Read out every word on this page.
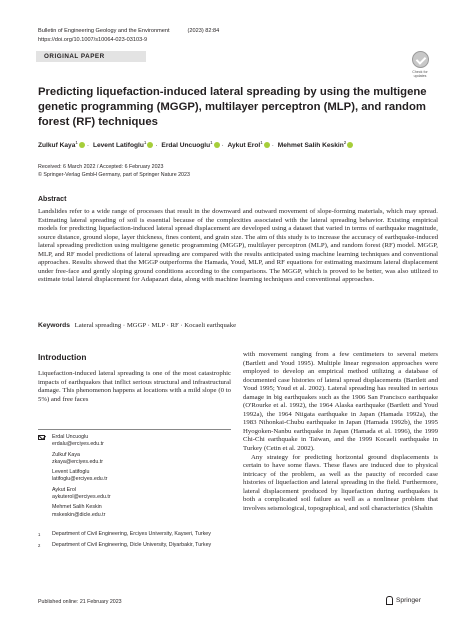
Bulletin of Engineering Geology and the Environment	(2023) 82:84
https://doi.org/10.1007/s10064-023-03103-9
ORIGINAL PAPER
Check for
updates
Predicting liquefaction-induced lateral spreading by using the multigene genetic programming (MGGP), multilayer perceptron (MLP), and random forest (RF) techniques
Zulkuf Kaya$^1$ · Levent Latifoglu$^1$ · Erdal Uncuoglu$^1$ · Aykut Erol$^1$ · Mehmet Salih Keskin$^2$
Received: 6 March 2022 / Accepted: 6 February 2023
© Springer-Verlag GmbH Germany, part of Springer Nature 2023
Abstract

Landslides refer to a wide range of processes that result in the downward and outward movement of slope-forming materials, which may spread. Estimating lateral spreading of soil is essential because of the complexities associated with the lateral spreading behavior. Existing empirical models for predicting liquefaction-induced lateral spread displacement are developed using a dataset that varied in terms of earthquake magnitude, source distance, ground slope, layer thickness, fines content, and grain size. The aim of this study is to increase the accuracy of earthquake-induced lateral spreading prediction using multigene genetic programming (MGGP), multilayer perceptron (MLP), and random forest (RF) model. MGGP, MLP, and RF model predictions of lateral spreading are compared with the results anticipated using machine learning techniques and conventional approaches. Results showed that the MGGP outperforms the Hamada, Youd, MLP, and RF equations for estimating maximum lateral displacement under free-face and gently sloping ground conditions according to the comparisons. The MGGP, which is proved to be better, was also utilized to estimate total lateral displacement for Adapazari data, along with machine learning techniques and conventional approaches.

Keywords Lateral spreading · MGGP · MLP · RF · Kocaeli earthquake
Introduction

Liquefaction-induced lateral spreading is one of the most catastrophic impacts of earthquakes that inflict serious structural and infrastructural damage. This phenomenon happens at locations with a mild slope (0 to 5%) and free faces

Erdal Uncuoglu
erdalu@erciyes.edu.tr
Zulkuf Kaya
zkaya@erciyes.edu.tr
Levent Latifoglu
latifoglu@erciyes.edu.tr
Aykut Erol
aykuterol@erciyes.edu.tr
Mehmet Salih Keskin
mskeskin@dicle.edu.tr
1	Department of Civil Engineering, Erciyes University, Kayseri, Turkey
2	Department of Civil Engineering, Dicle University, Diyarbakir, Turkey

with movement ranging from a few centimeters to several meters (Bartlett and Youd 1995). Multiple linear regression approaches were employed to develop an empirical method utilizing a database of documented case histories of lateral spread displacements (Bartlett and Youd 1995; Youd et al. 2002). Lateral spreading has resulted in serious damage in big earthquakes such as the 1906 San Francisco earthquake (O'Rourke et al. 1992), the 1964 Alaska earthquake (Bartlett and Youd 1992a), the 1964 Niigata earthquake in Japan (Hamada 1992a), the 1983 Nihonkai-Chubu earthquake in Japan (Hamada 1992b), the 1995 Hyogoken-Nanbu earthquake in Japan (Hamada et al. 1996), the 1999 Chi-Chi earthquake in Taiwan, and the 1999 Kocaeli earthquake in Turkey (Cetin et al. 2002).

Any strategy for predicting horizontal ground displacements is certain to have some flaws. These flaws are induced due to physical intricacy of the problem, as well as the paucity of recorded case histories of liquefaction and lateral spreading in the field. Furthermore, lateral displacement produced by liquefaction during earthquakes is both a complicated soil failure as well as a nonlinear problem that involves seismological, topographical, and soil characteristics (Shahin

Published online: 21 February 2023	Springer
